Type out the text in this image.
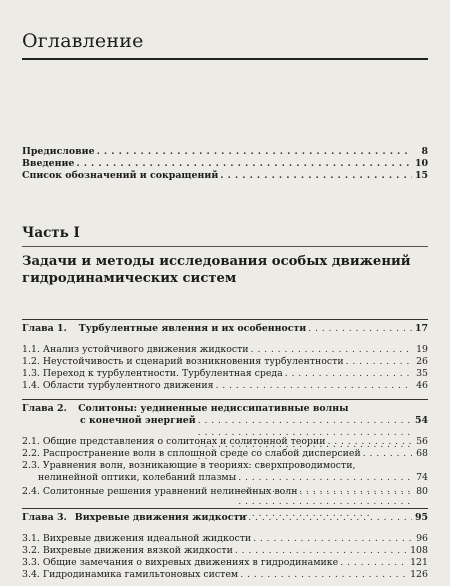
Оглавление
Предисловие . . .	8
Введение . . .	10
Список обозначений и сокращений . . .	15
Часть I
Задачи и методы исследования особых движений гидродинамических систем
Глава 1. Турбулентные явления и их особенности . . .	17
1.1. Анализ устойчивого движения жидкости . . .	19
1.2. Неустойчивость и сценарий возникновения турбулентности . . .	26
1.3. Переход к турбулентности. Турбулентная среда . . .	35
1.4. Области турбулентного движения . . .	46
Глава 2. Солитоны: уединенные недиссипативные волны
с конечной энергией . . .	54
2.1. Общие представления о солитонах и солитонной теории . . .	56
2.2. Распространение волн в сплошной среде со слабой дисперсией . . .	68
2.3. Уравнения волн, возникающие в теориях: сверхпроводимости,
нелинейной оптики, колебаний плазмы . . .	74
2.4. Солитонные решения уравнений нелинейных волн . . .	80
Глава 3. Вихревые движения жидкости . . .	95
3.1. Вихревые движения идеальной жидкости . . .	96
3.2. Вихревые движения вязкой жидкости . . .	108
3.3. Общие замечания о вихревых движениях в гидродинамике . . .	121
3.4. Гидродинамика гамильтоновых систем . . .	126
